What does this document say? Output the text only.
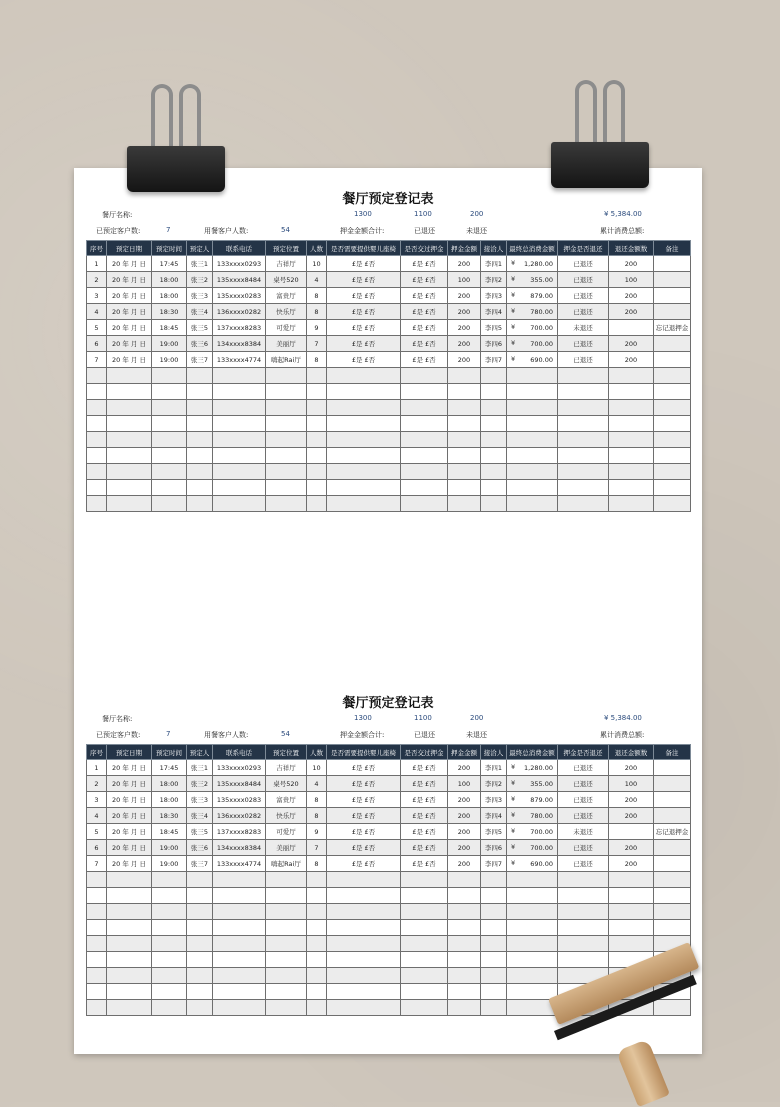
餐厅预定登记表
餐厅名称:	1300	1100	200	¥ 5,384.00
已预定客户数:	7	用餐客户人数:	54	押金金额合计:	已退还	未退还	累计消费总额:
序号	预定日期	预定时间	预定人	联系电话	预定位置	人数	是否需要提供婴儿座椅	是否交过押金	押金金额	接洽人	最终总消费金额	押金是否退还	退还金额数	备注
1	20 年 月 日	17:45	张三1	133xxxx0293	吉祥厅	10	£是 £否	£是 £否	200	李四1	¥ 1,280.00	已退还	200	
2	20 年 月 日	18:00	张三2	135xxxx8484	桌号520	4	£是 £否	£是 £否	100	李四2	¥ 355.00	已退还	100	
3	20 年 月 日	18:00	张三3	135xxxx0283	富贵厅	8	£是 £否	£是 £否	200	李四3	¥ 879.00	已退还	200	
4	20 年 月 日	18:30	张三4	136xxxx0282	快乐厅	8	£是 £否	£是 £否	200	李四4	¥ 780.00	已退还	200	
5	20 年 月 日	18:45	张三5	137xxxx8283	可爱厅	9	£是 £否	£是 £否	200	李四5	¥ 700.00	未退还		忘记退押金
6	20 年 月 日	19:00	张三6	134xxxx8384	美丽厅	7	£是 £否	£是 £否	200	李四6	¥ 700.00	已退还	200	
7	20 年 月 日	19:00	张三7	133xxxx4774	嗨起Rai厅	8	£是 £否	£是 £否	200	李四7	¥ 690.00	已退还	200	

餐厅预定登记表
餐厅名称:	1300	1100	200	¥ 5,384.00
已预定客户数:	7	用餐客户人数:	54	押金金额合计:	已退还	未退还	累计消费总额:
序号	预定日期	预定时间	预定人	联系电话	预定位置	人数	是否需要提供婴儿座椅	是否交过押金	押金金额	接洽人	最终总消费金额	押金是否退还	退还金额数	备注
1	20 年 月 日	17:45	张三1	133xxxx0293	吉祥厅	10	£是 £否	£是 £否	200	李四1	¥ 1,280.00	已退还	200	
2	20 年 月 日	18:00	张三2	135xxxx8484	桌号520	4	£是 £否	£是 £否	100	李四2	¥ 355.00	已退还	100	
3	20 年 月 日	18:00	张三3	135xxxx0283	富贵厅	8	£是 £否	£是 £否	200	李四3	¥ 879.00	已退还	200	
4	20 年 月 日	18:30	张三4	136xxxx0282	快乐厅	8	£是 £否	£是 £否	200	李四4	¥ 780.00	已退还	200	
5	20 年 月 日	18:45	张三5	137xxxx8283	可爱厅	9	£是 £否	£是 £否	200	李四5	¥ 700.00	未退还		忘记退押金
6	20 年 月 日	19:00	张三6	134xxxx8384	美丽厅	7	£是 £否	£是 £否	200	李四6	¥ 700.00	已退还	200	
7	20 年 月 日	19:00	张三7	133xxxx4774	嗨起Rai厅	8	£是 £否	£是 £否	200	李四7	¥ 690.00	已退还	200	
